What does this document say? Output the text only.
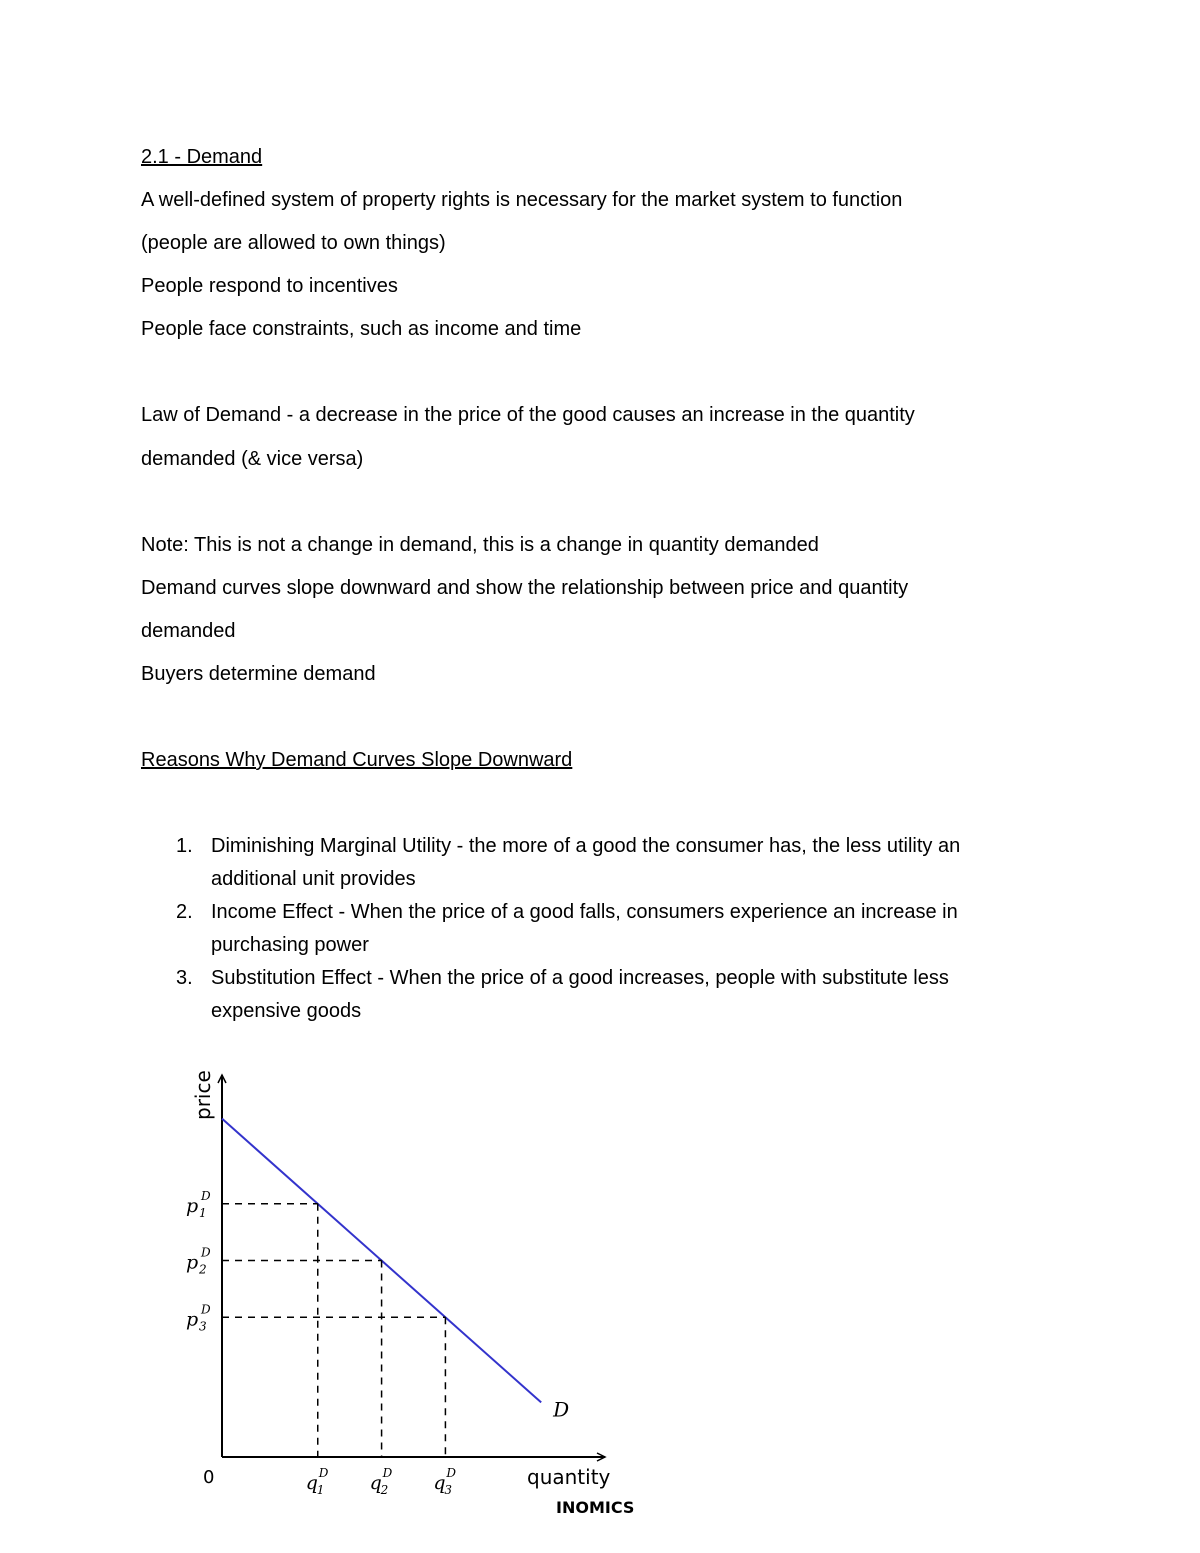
2.1 - Demand
A well-defined system of property rights is necessary for the market system to function
(people are allowed to own things)
People respond to incentives
People face constraints, such as income and time
Law of Demand - a decrease in the price of the good causes an increase in the quantity
demanded (& vice versa)
Note: This is not a change in demand, this is a change in quantity demanded
Demand curves slope downward and show the relationship between price and quantity
demanded
Buyers determine demand
Reasons Why Demand Curves Slope Downward
1. Diminishing Marginal Utility - the more of a good the consumer has, the less utility an
additional unit provides
2. Income Effect - When the price of a good falls, consumers experience an increase in
purchasing power
3. Substitution Effect - When the price of a good increases, people with substitute less
expensive goods
D
p 1
D
q
1
D
p 2
D
q
2
D
p 3
D
q
3
D
0	quantity
price
INOMICS
